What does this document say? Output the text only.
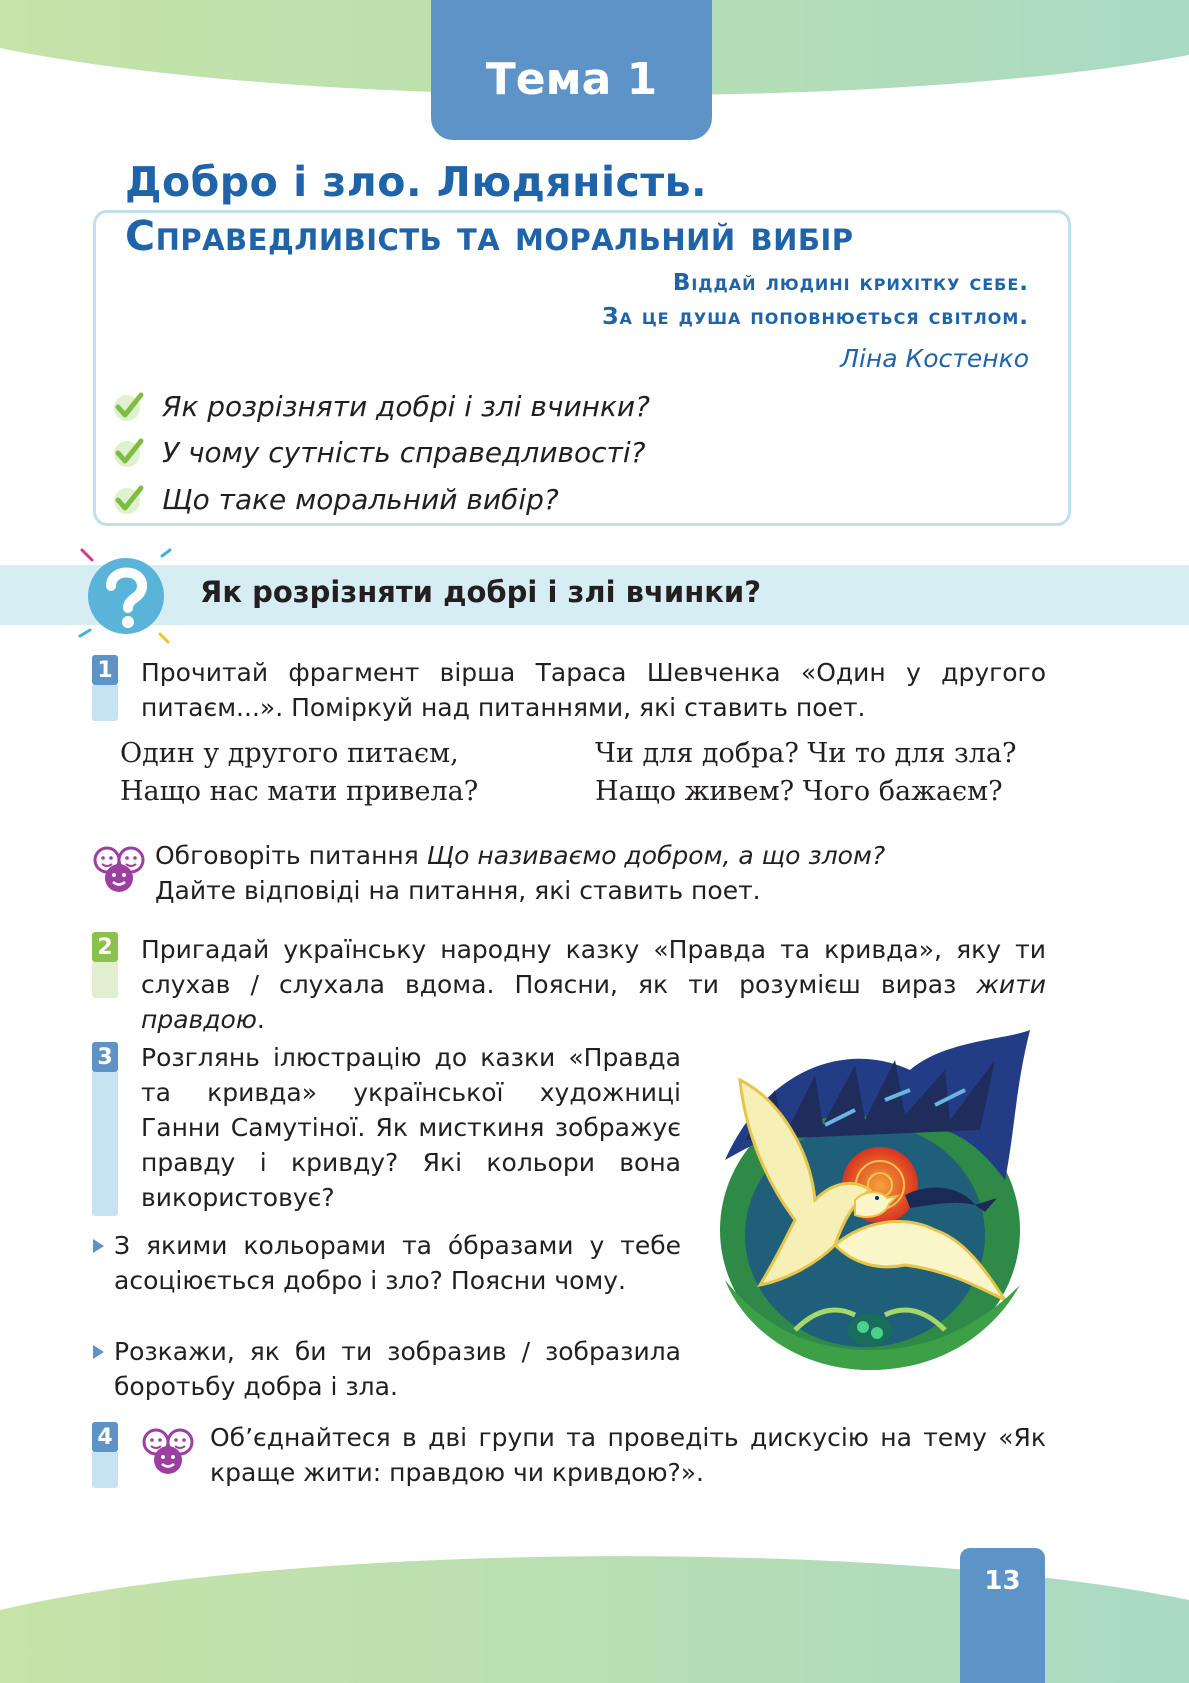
Тема 1
Добро і зло. Людяність.
Справедливість та моральний вибір
Віддай людині крихітку себе.
За це душа поповнюється світлом.
Ліна Костенко
Як розрізняти добрі і злі вчинки?
У чому сутність справедливості?
Що таке моральний вибір?
Як розрізняти добрі і злі вчинки?
1 Прочитай фрагмент вірша Тараса Шевченка «Один у другого питаєм...». Поміркуй над питаннями, які ставить поет.
Один у другого питаєм,
Нащо нас мати привела?
Чи для добра? Чи то для зла?
Нащо живем? Чого бажаєм?
Обговоріть питання Що називаємо добром, а що злом?
Дайте відповіді на питання, які ставить поет.
2 Пригадай українську народну казку «Правда та кривда», яку ти слухав / слухала вдома. Поясни, як ти розумієш вираз жити правдою.
3 Розглянь ілюстрацію до казки «Правда та кривда» української художниці Ганни Самутіної. Як мисткиня зображує правду і кривду? Які кольори вона використовує?
З якими кольорами та óбразами у тебе асоціюється добро і зло? Поясни чому.
Розкажи, як би ти зобразив / зобразила боротьбу добра і зла.
4	Об’єднайтеся в дві групи та проведіть дискусію на тему «Як краще жити: правдою чи кривдою?».
13
